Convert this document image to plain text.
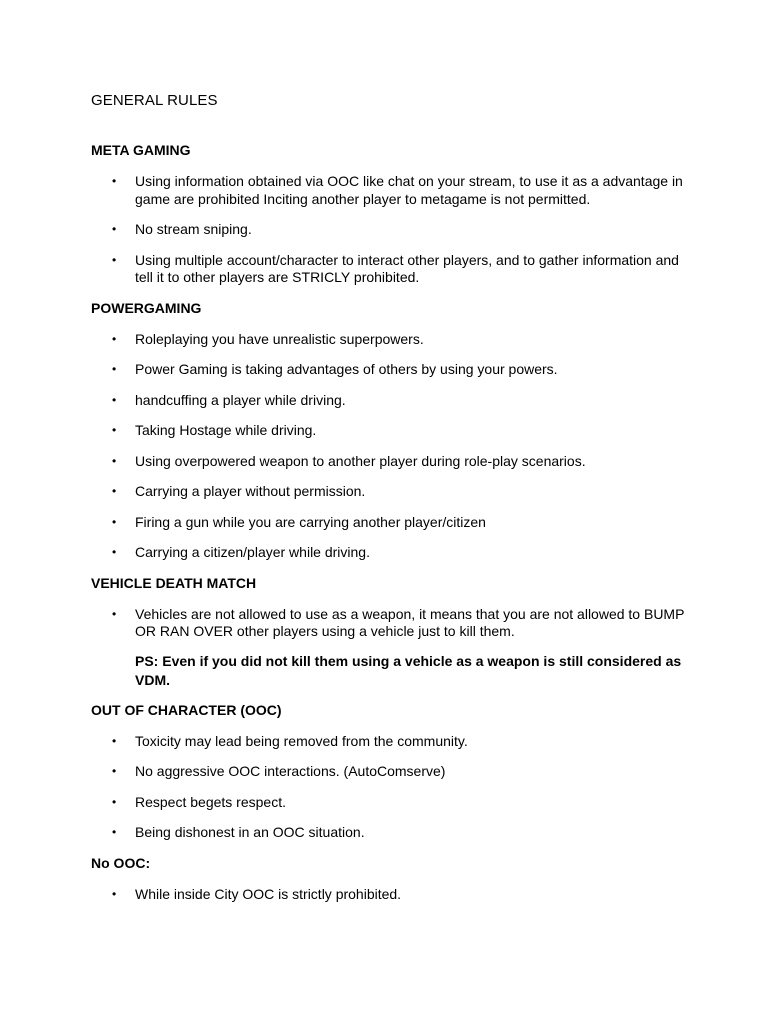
GENERAL RULES
META GAMING
• Using information obtained via OOC like chat on your stream, to use it as a advantage in game are prohibited Inciting another player to metagame is not permitted.
• No stream sniping.
• Using multiple account/character to interact other players, and to gather information and tell it to other players are STRICLY prohibited.
POWERGAMING
• Roleplaying you have unrealistic superpowers.
• Power Gaming is taking advantages of others by using your powers.
• handcuffing a player while driving.
• Taking Hostage while driving.
• Using overpowered weapon to another player during role-play scenarios.
• Carrying a player without permission.
• Firing a gun while you are carrying another player/citizen
• Carrying a citizen/player while driving.
VEHICLE DEATH MATCH
• Vehicles are not allowed to use as a weapon, it means that you are not allowed to BUMP OR RAN OVER other players using a vehicle just to kill them.
PS: Even if you did not kill them using a vehicle as a weapon is still considered as VDM.
OUT OF CHARACTER (OOC)
• Toxicity may lead being removed from the community.
• No aggressive OOC interactions. (AutoComserve)
• Respect begets respect.
• Being dishonest in an OOC situation.
No OOC:
• While inside City OOC is strictly prohibited.
